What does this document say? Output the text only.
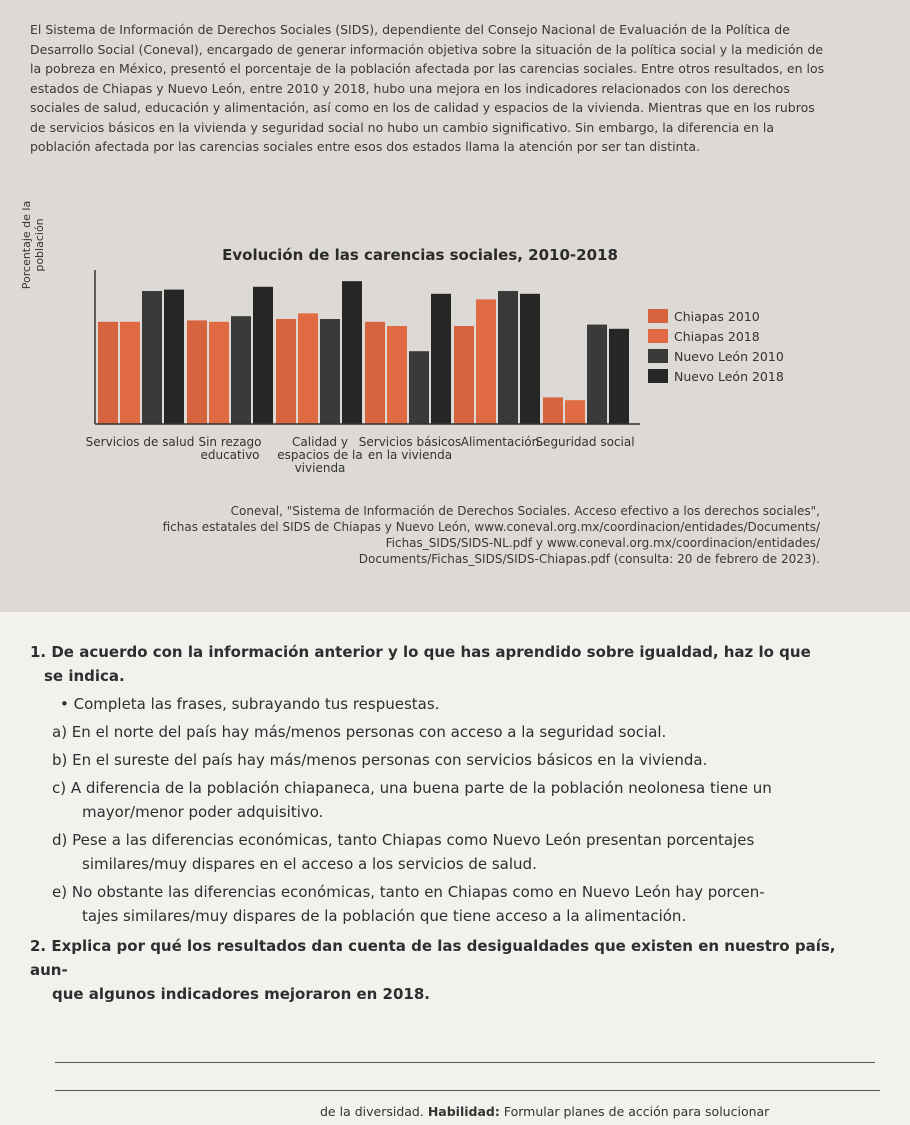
El Sistema de Información de Derechos Sociales (SIDS), dependiente del Consejo Nacional de Evaluación de la Política de Desarrollo Social (Coneval), encargado de generar información objetiva sobre la situación de la política social y la medición de la pobreza en México, presentó el porcentaje de la población afectada por las carencias sociales. Entre otros resultados, en los estados de Chiapas y Nuevo León, entre 2010 y 2018, hubo una mejora en los indicadores relacionados con los derechos sociales de salud, educación y alimentación, así como en los de calidad y espacios de la vivienda. Mientras que en los rubros de servicios básicos en la vivienda y seguridad social no hubo un cambio significativo. Sin embargo, la diferencia en la población afectada por las carencias sociales entre esos dos estados llama la atención por ser tan distinta.

Evolución de las carencias sociales, 2010-2018
Porcentaje de la población
Chiapas 2010
Chiapas 2018
Nuevo León 2010
Nuevo León 2018
Servicios de salud Sin rezago educativo
Calidad y espacios de la vivienda
Servicios básicos en la vivienda
Alimentación
Seguridad social
Coneval, "Sistema de Información de Derechos Sociales. Acceso efectivo a los derechos sociales",
fichas estatales del SIDS de Chiapas y Nuevo León, www.coneval.org.mx/coordinacion/entidades/Documents/
Fichas_SIDS/SIDS-NL.pdf y www.coneval.org.mx/coordinacion/entidades/
Documents/Fichas_SIDS/SIDS-Chiapas.pdf (consulta: 20 de febrero de 2023).
1. De acuerdo con la información anterior y lo que has aprendido sobre igualdad, haz lo que
se indica.
• Completa las frases, subrayando tus respuestas.
a) En el norte del país hay más/menos personas con acceso a la seguridad social.
b) En el sureste del país hay más/menos personas con servicios básicos en la vivienda.
c) A diferencia de la población chiapaneca, una buena parte de la población neolonesa tiene un
mayor/menor poder adquisitivo.
d) Pese a las diferencias económicas, tanto Chiapas como Nuevo León presentan porcentajes
similares/muy dispares en el acceso a los servicios de salud.
e) No obstante las diferencias económicas, tanto en Chiapas como en Nuevo León hay porcen-
tajes similares/muy dispares de la población que tiene acceso a la alimentación.
2. Explica por qué los resultados dan cuenta de las desigualdades que existen en nuestro país, aun-
que algunos indicadores mejoraron en 2018.
de la diversidad. Habilidad: Formular planes de acción para solucionar
